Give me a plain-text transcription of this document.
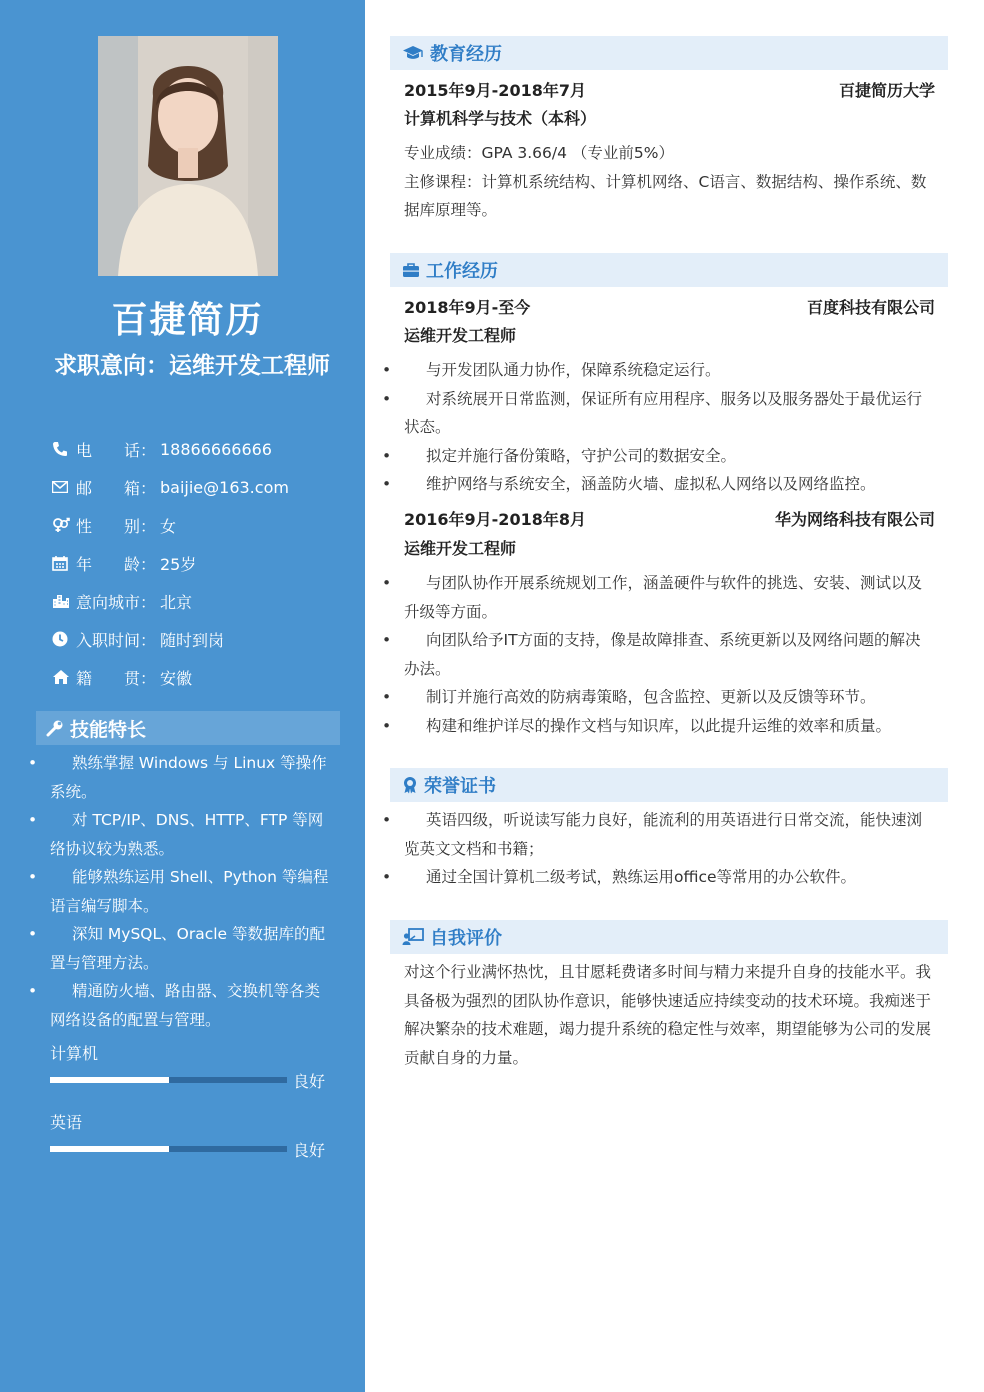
百捷简历
求职意向：运维开发工程师
电　　话： 18866666666
邮　　箱： baijie@163.com
性　　别： 女
年　　龄： 25岁
意向城市： 北京
入职时间： 随时到岗
籍　　贯： 安徽
技能特长
• 熟练掌握 Windows 与 Linux 等操作系统。
• 对 TCP/IP、DNS、HTTP、FTP 等网络协议较为熟悉。
• 能够熟练运用 Shell、Python 等编程语言编写脚本。
• 深知 MySQL、Oracle 等数据库的配置与管理方法。
• 精通防火墙、路由器、交换机等各类网络设备的配置与管理。
计算机
良好
英语
良好
教育经历
2015年9月-2018年7月	百捷简历大学
计算机科学与技术（本科）
专业成绩：GPA 3.66/4 （专业前5%）
主修课程：计算机系统结构、计算机网络、C语言、数据结构、操作系统、数据库原理等。
工作经历
2018年9月-至今	百度科技有限公司
运维开发工程师
• 与开发团队通力协作，保障系统稳定运行。
• 对系统展开日常监测，保证所有应用程序、服务以及服务器处于最优运行状态。
• 拟定并施行备份策略，守护公司的数据安全。
• 维护网络与系统安全，涵盖防火墙、虚拟私人网络以及网络监控。
2016年9月-2018年8月	华为网络科技有限公司
运维开发工程师
• 与团队协作开展系统规划工作，涵盖硬件与软件的挑选、安装、测试以及升级等方面。
• 向团队给予IT方面的支持，像是故障排查、系统更新以及网络问题的解决办法。
• 制订并施行高效的防病毒策略，包含监控、更新以及反馈等环节。
• 构建和维护详尽的操作文档与知识库，以此提升运维的效率和质量。
荣誉证书
• 英语四级，听说读写能力良好，能流利的用英语进行日常交流，能快速浏览英文文档和书籍；
• 通过全国计算机二级考试，熟练运用office等常用的办公软件。
自我评价
对这个行业满怀热忱，且甘愿耗费诸多时间与精力来提升自身的技能水平。我具备极为强烈的团队协作意识，能够快速适应持续变动的技术环境。我痴迷于解决繁杂的技术难题，竭力提升系统的稳定性与效率，期望能够为公司的发展贡献自身的力量。
